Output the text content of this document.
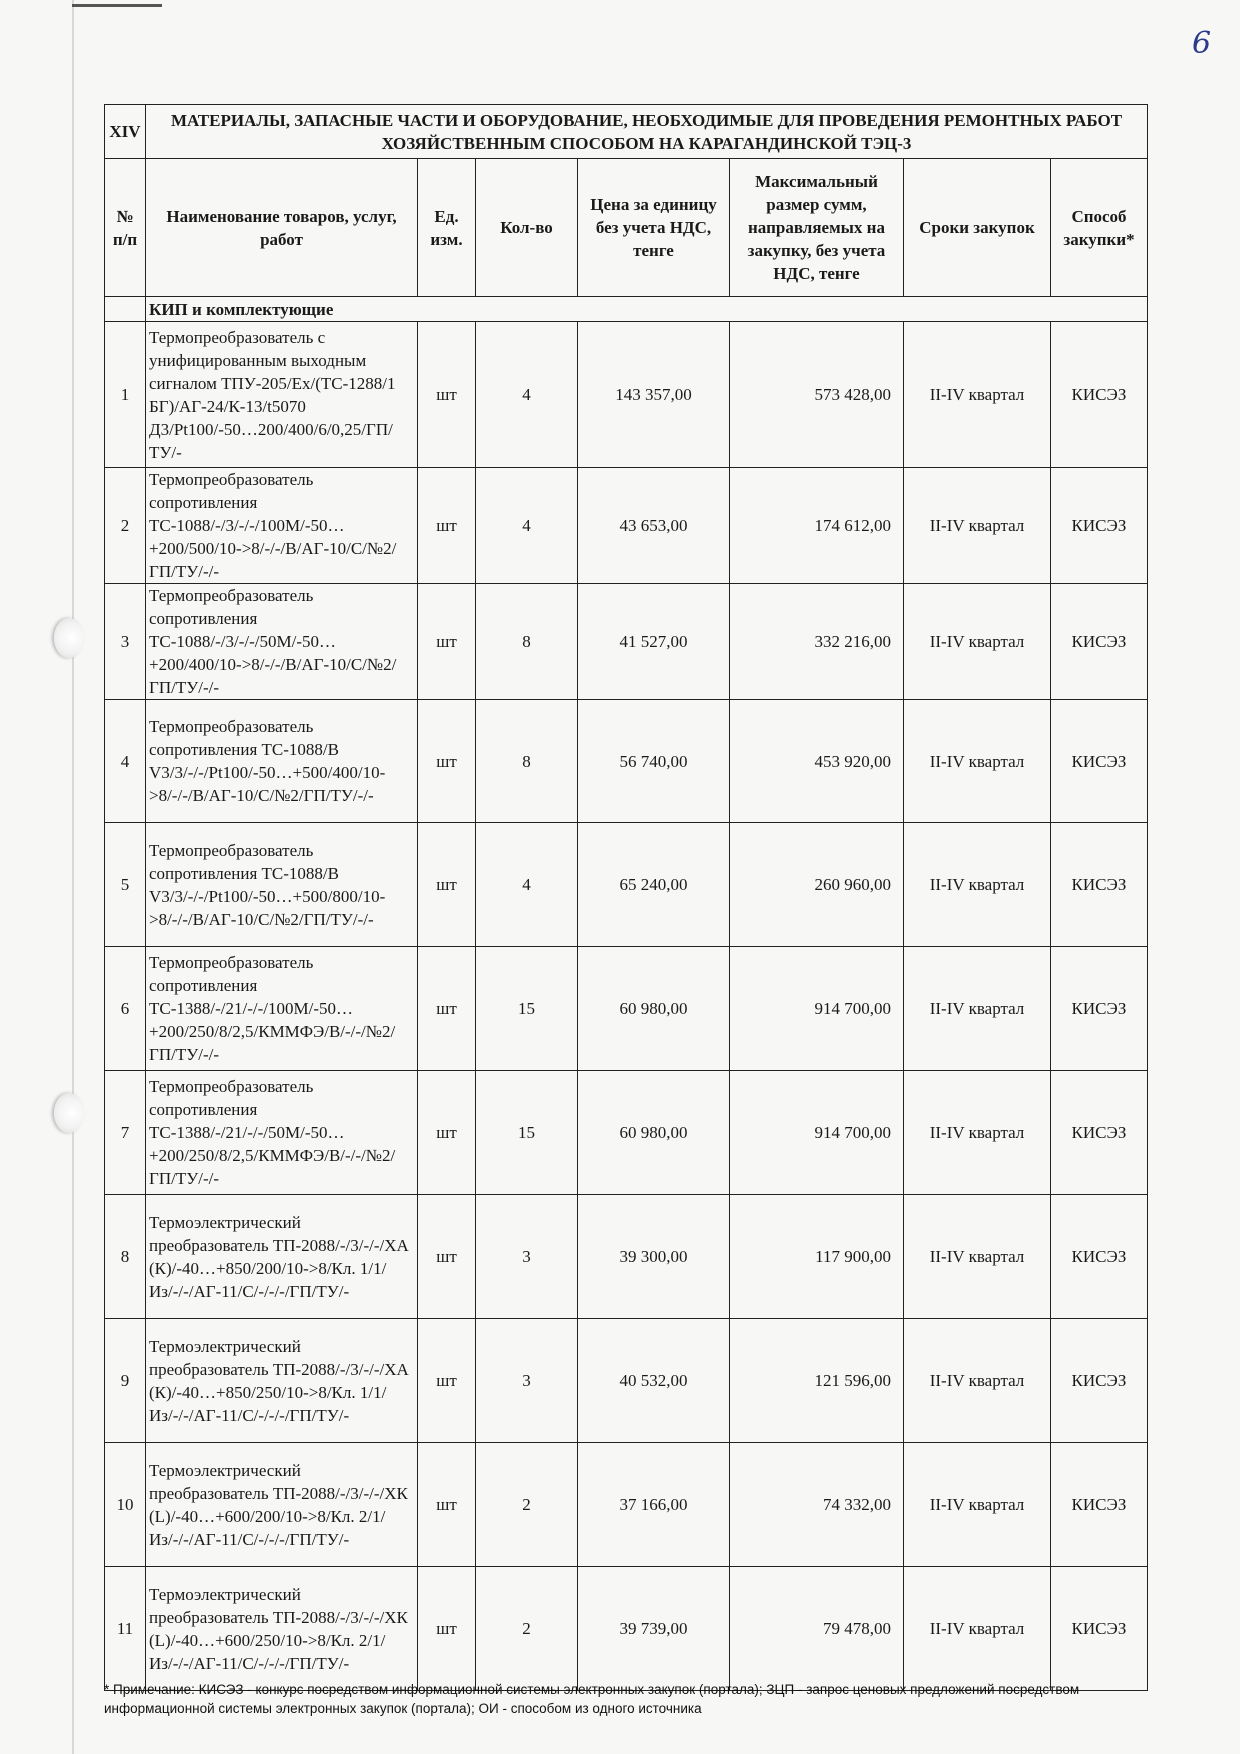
6
XIV	МАТЕРИАЛЫ, ЗАПАСНЫЕ ЧАСТИ И ОБОРУДОВАНИЕ, НЕОБХОДИМЫЕ ДЛЯ ПРОВЕДЕНИЯ РЕМОНТНЫХ РАБОТ ХОЗЯЙСТВЕННЫМ СПОСОБОМ НА КАРАГАНДИНСКОЙ ТЭЦ-3						
№ п/п	Наименование товаров, услуг, работ	Ед. изм.	Кол-во	Цена за единицу без учета НДС, тенге	Максимальный размер сумм, направляемых на закупку, без учета НДС, тенге	Сроки закупок	Способ закупки*
	КИП и комплектующие						
1	Термопреобразователь с унифицированным выходным сигналом ТПУ-205/Ex/(ТС-1288/1 БГ)/АГ-24/К-13/t5070 Д3/Pt100/-50…200/400/6/0,25/ГП/ТУ/-	шт	4	143 357,00	573 428,00	II-IV квартал	КИСЭЗ
2	Термопреобразователь сопротивления ТС-1088/-/3/-/-/100М/-50…+200/500/10->8/-/-/В/АГ-10/С/№2/ГП/ТУ/-/-	шт	4	43 653,00	174 612,00	II-IV квартал	КИСЭЗ
3	Термопреобразователь сопротивления ТС-1088/-/3/-/-/50М/-50…+200/400/10->8/-/-/В/АГ-10/С/№2/ГП/ТУ/-/-	шт	8	41 527,00	332 216,00	II-IV квартал	КИСЭЗ
4	Термопреобразователь сопротивления ТС-1088/В V3/3/-/-/Pt100/-50…+500/400/10->8/-/-/В/АГ-10/С/№2/ГП/ТУ/-/-	шт	8	56 740,00	453 920,00	II-IV квартал	КИСЭЗ
5	Термопреобразователь сопротивления ТС-1088/В V3/3/-/-/Pt100/-50…+500/800/10->8/-/-/В/АГ-10/С/№2/ГП/ТУ/-/-	шт	4	65 240,00	260 960,00	II-IV квартал	КИСЭЗ
6	Термопреобразователь сопротивления ТС-1388/-/21/-/-/100М/-50…+200/250/8/2,5/КММФЭ/В/-/-/№2/ГП/ТУ/-/-	шт	15	60 980,00	914 700,00	II-IV квартал	КИСЭЗ
7	Термопреобразователь сопротивления ТС-1388/-/21/-/-/50М/-50…+200/250/8/2,5/КММФЭ/В/-/-/№2/ГП/ТУ/-/-	шт	15	60 980,00	914 700,00	II-IV квартал	КИСЭЗ
8	Термоэлектрический преобразователь ТП-2088/-/3/-/-/ХА (К)/-40…+850/200/10->8/Кл. 1/1/Из/-/-/АГ-11/С/-/-/-/ГП/ТУ/-	шт	3	39 300,00	117 900,00	II-IV квартал	КИСЭЗ
9	Термоэлектрический преобразователь ТП-2088/-/3/-/-/ХА (К)/-40…+850/250/10->8/Кл. 1/1/Из/-/-/АГ-11/С/-/-/-/ГП/ТУ/-	шт	3	40 532,00	121 596,00	II-IV квартал	КИСЭЗ
10	Термоэлектрический преобразователь ТП-2088/-/3/-/-/ХК (L)/-40…+600/200/10->8/Кл. 2/1/Из/-/-/АГ-11/С/-/-/-/ГП/ТУ/-	шт	2	37 166,00	74 332,00	II-IV квартал	КИСЭЗ
11	Термоэлектрический преобразователь ТП-2088/-/3/-/-/ХК (L)/-40…+600/250/10->8/Кл. 2/1/Из/-/-/АГ-11/С/-/-/-/ГП/ТУ/-	шт	2	39 739,00	79 478,00	II-IV квартал	КИСЭЗ
* Примечание: КИСЭЗ - конкурс посредством информационной системы электронных закупок (портала); ЗЦП - запрос ценовых предложений посредством информационной системы электронных закупок (портала); ОИ - способом из одного источника
